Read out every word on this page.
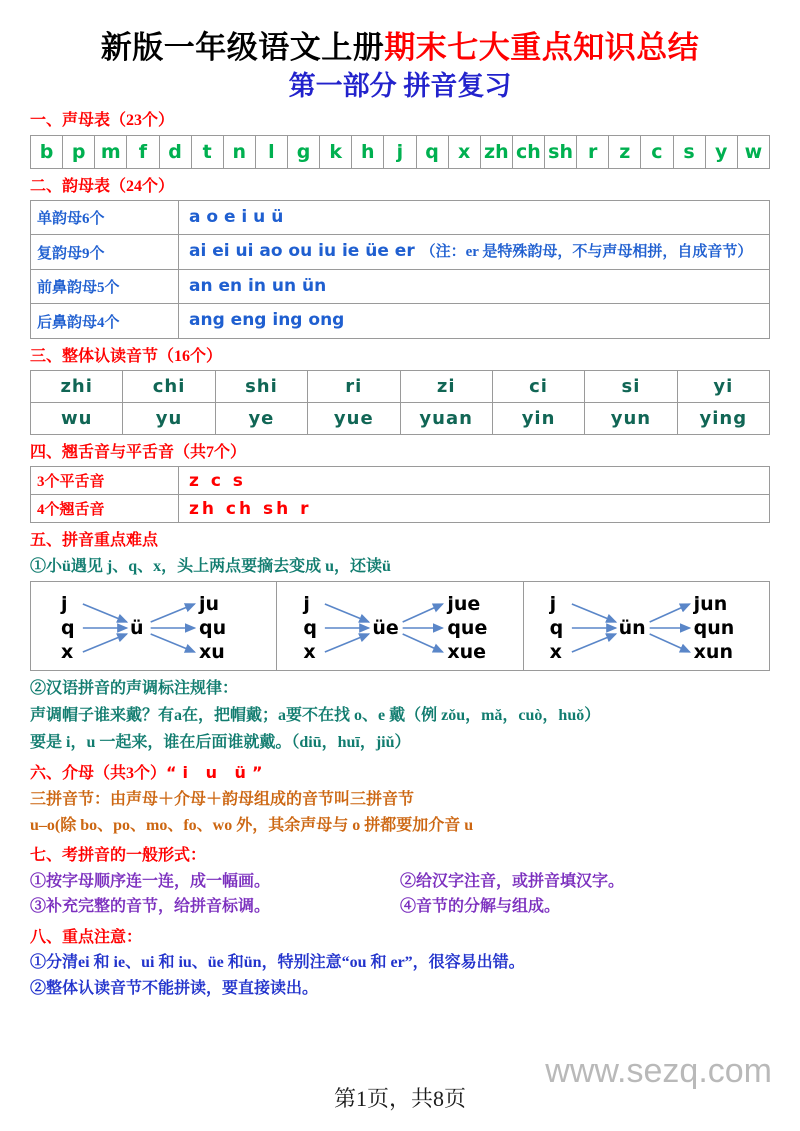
新版一年级语文上册期末七大重点知识总结
第一部分 拼音复习
一、声母表（23个）
b	p	m	f	d	t	n	l	g	k	h	j	q	x	zh	ch	sh	r	z	c	s	y	w
二、韵母表（24个）
单韵母6个	a o e i u ü
复韵母9个	ai ei ui ao ou iu ie üe er （注：er 是特殊韵母，不与声母相拼，自成音节）
前鼻韵母5个	an en in un ün
后鼻韵母4个	ang eng ing ong
三、整体认读音节（16个）
zhi	chi	shi	ri	zi	ci	si	yi
wu	yu	ye	yue	yuan	yin	yun	ying
四、翘舌音与平舌音（共7个）
3个平舌音	z c s
4个翘舌音	zh ch sh r
五、拼音重点难点
①小ü遇见 j、q、x，头上两点要摘去变成 u，还读ü
j
q
x
ü
ju
qu
xu

j
q
x
üe
jue
que
xue

j
q
x
ün
jun
qun
xun
②汉语拼音的声调标注规律：
声调帽子谁来戴？有a在，把帽戴；a要不在找 o、e 戴（例 zǒu，mǎ，cuò，huǒ）
要是 i，u 一起来，谁在后面谁就戴。（diū，huī，jiǔ）
六、介母（共3个）“i u ü”
三拼音节：由声母＋介母＋韵母组成的音节叫三拼音节
u–o(除 bo、po、mo、fo、wo 外，其余声母与 o 拼都要加介音 u
七、考拼音的一般形式：
①按字母顺序连一连，成一幅画。	②给汉字注音，或拼音填汉字。
③补充完整的音节，给拼音标调。	④音节的分解与组成。
八、重点注意：
①分清ei 和 ie、ui 和 iu、üe 和ün，特别注意“ou 和 er”，很容易出错。
②整体认读音节不能拼读，要直接读出。
www.sezq.com
第1页，共8页
